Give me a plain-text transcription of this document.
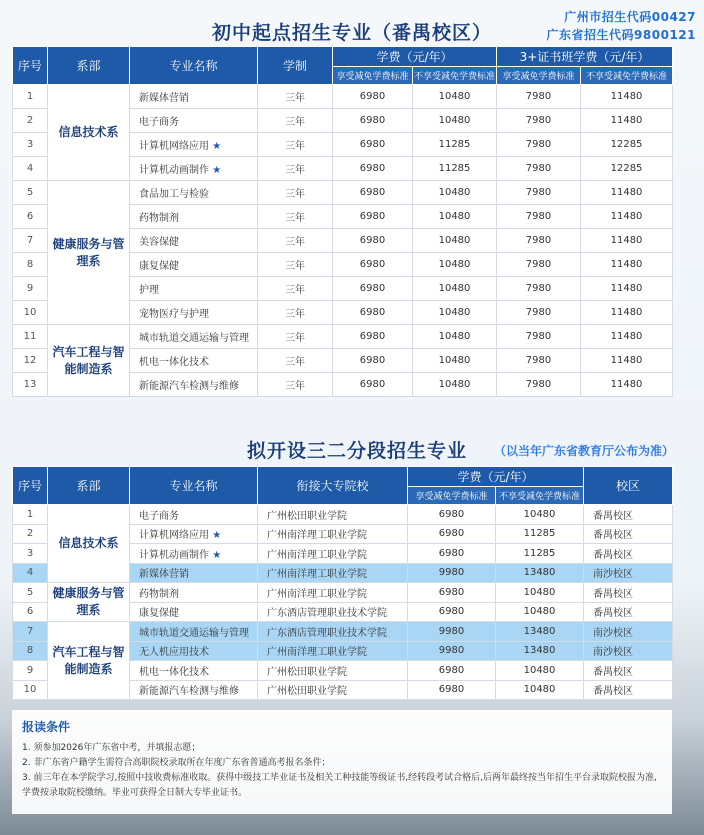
广州市招生代码00427
广东省招生代码9800121
初中起点招生专业（番禺校区）
序号	系部	专业名称	学制	学费（元/年）		3+证书班学费（元/年）	
				享受减免学费标准	不享受减免学费标准	享受减免学费标准	不享受减免学费标准
1	信息技术系	新媒体营销	三年	6980	10480	7980	11480
2		电子商务	三年	6980	10480	7980	11480
3		计算机网络应用 ★	三年	6980	11285	7980	12285
4		计算机动画制作 ★	三年	6980	11285	7980	12285
5	健康服务与管理系	食品加工与检验	三年	6980	10480	7980	11480
6		药物制剂	三年	6980	10480	7980	11480
7		美容保健	三年	6980	10480	7980	11480
8		康复保健	三年	6980	10480	7980	11480
9		护理	三年	6980	10480	7980	11480
10		宠物医疗与护理	三年	6980	10480	7980	11480
11	汽车工程与智能制造系	城市轨道交通运输与管理	三年	6980	10480	7980	11480
12		机电一体化技术	三年	6980	10480	7980	11480
13		新能源汽车检测与维修	三年	6980	10480	7980	11480
拟开设三二分段招生专业 （以当年广东省教育厅公布为准）
序号	系部	专业名称	衔接大专院校	学费（元/年）		校区
				享受减免学费标准	不享受减免学费标准	
1	信息技术系	电子商务	广州松田职业学院	6980	10480	番禺校区
2		计算机网络应用 ★	广州南洋理工职业学院	6980	11285	番禺校区
3		计算机动画制作 ★	广州南洋理工职业学院	6980	11285	番禺校区
4		新媒体营销	广州南洋理工职业学院	9980	13480	南沙校区
5	健康服务与管理系	药物制剂	广州南洋理工职业学院	6980	10480	番禺校区
6		康复保健	广东酒店管理职业技术学院	6980	10480	番禺校区
7	汽车工程与智能制造系	城市轨道交通运输与管理	广东酒店管理职业技术学院	9980	13480	南沙校区
8		无人机应用技术	广州南洋理工职业学院	9980	13480	南沙校区
9		机电一体化技术	广州松田职业学院	6980	10480	番禺校区
10		新能源汽车检测与维修	广州松田职业学院	6980	10480	番禺校区
报读条件

1. 须参加2026年广东省中考，并填报志愿；

2. 非广东省户籍学生需符合高职院校录取所在年度广东省普通高考报名条件；

3. 前三年在本学院学习,按照中技收费标准收取。获得中级技工毕业证书及相关工种技能等级证书,经转段考试合格后,后两年最终按当年招生平台录取院校报为准,学费按录取院校缴纳。毕业可获得全日制大专毕业证书。
